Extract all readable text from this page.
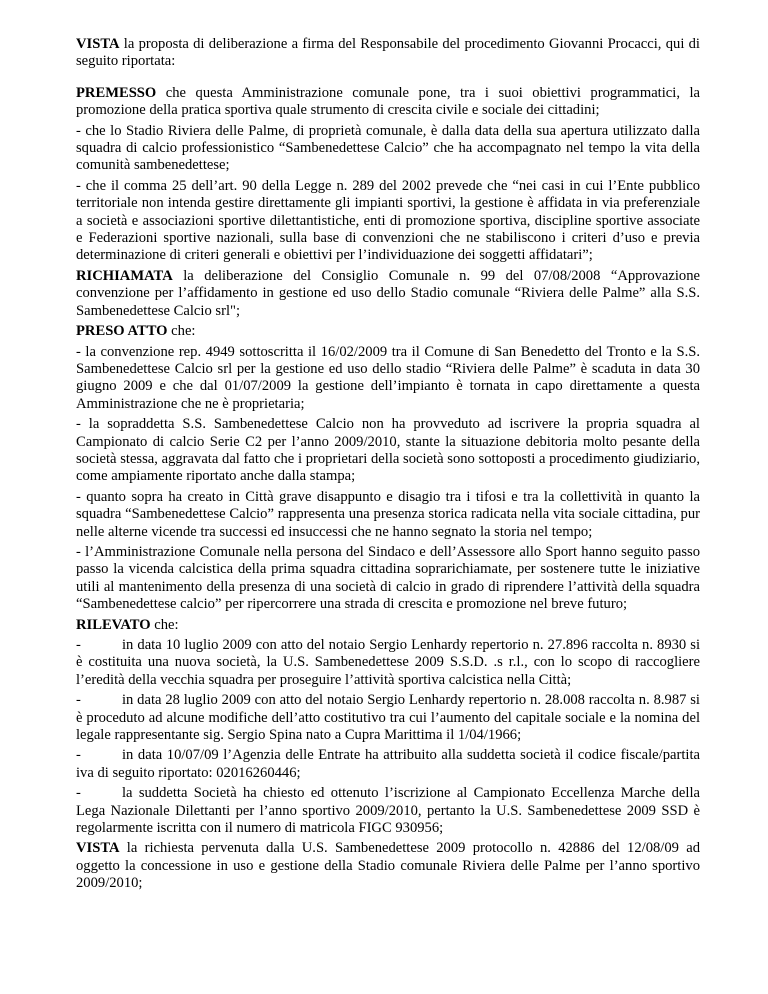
VISTA la proposta di deliberazione a firma del Responsabile del procedimento Giovanni Procacci, qui di seguito riportata:

PREMESSO che questa Amministrazione comunale pone, tra i suoi obiettivi programmatici, la promozione della pratica sportiva quale strumento di crescita civile e sociale dei cittadini;

- che lo Stadio Riviera delle Palme, di proprietà comunale, è dalla data della sua apertura utilizzato dalla squadra di calcio professionistico “Sambenedettese Calcio” che ha accompagnato nel tempo la vita della comunità sambenedettese;

- che il comma 25 dell’art. 90 della Legge n. 289 del 2002 prevede che “nei casi in cui l’Ente pubblico territoriale non intenda gestire direttamente gli impianti sportivi, la gestione è affidata in via preferenziale a società e associazioni sportive dilettantistiche, enti di promozione sportiva, discipline sportive associate e Federazioni sportive nazionali, sulla base di convenzioni che ne stabiliscono i criteri d’uso e previa determinazione di criteri generali e obiettivi per l’individuazione dei soggetti affidatari”;

RICHIAMATA la deliberazione del Consiglio Comunale n. 99 del 07/08/2008 “Approvazione convenzione per l’affidamento in gestione ed uso dello Stadio comunale “Riviera delle Palme” alla S.S. Sambenedettese Calcio srl";

PRESO ATTO che:

- la convenzione rep. 4949 sottoscritta il 16/02/2009 tra il Comune di San Benedetto del Tronto e la S.S. Sambenedettese Calcio srl per la gestione ed uso dello stadio “Riviera delle Palme” è scaduta in data 30 giugno 2009 e che dal 01/07/2009 la gestione dell’impianto è tornata in capo direttamente a questa Amministrazione che ne è proprietaria;

- la sopraddetta S.S. Sambenedettese Calcio non ha provveduto ad iscrivere la propria squadra al Campionato di calcio Serie C2 per l’anno 2009/2010, stante la situazione debitoria molto pesante della società stessa, aggravata dal fatto che i proprietari della società sono sottoposti a procedimento giudiziario, come ampiamente riportato anche dalla stampa;

- quanto sopra ha creato in Città grave disappunto e disagio tra i tifosi e tra la collettività in quanto la squadra “Sambenedettese Calcio” rappresenta una presenza storica radicata nella vita sociale cittadina, pur nelle alterne vicende tra successi ed insuccessi che ne hanno segnato la storia nel tempo;

- l’Amministrazione Comunale nella persona del Sindaco e dell’Assessore allo Sport hanno seguito passo passo la vicenda calcistica della prima squadra cittadina soprarichiamate, per sostenere tutte le iniziative utili al mantenimento della presenza di una società di calcio in grado di riprendere l’attività della squadra “Sambenedettese calcio” per ripercorrere una strada di crescita e promozione nel breve futuro;

RILEVATO che:

-	in data 10 luglio 2009 con atto del notaio Sergio Lenhardy repertorio n. 27.896 raccolta n. 8930 si è costituita una nuova società, la U.S. Sambenedettese 2009 S.S.D. .s r.l., con lo scopo di raccogliere l’eredità della vecchia squadra per proseguire l’attività sportiva calcistica nella Città;

-	in data 28 luglio 2009 con atto del notaio Sergio Lenhardy repertorio n. 28.008 raccolta n. 8.987 si è proceduto ad alcune modifiche dell’atto costitutivo tra cui l’aumento del capitale sociale e la nomina del legale rappresentante sig. Sergio Spina nato a Cupra Marittima il 1/04/1966;

-	in data 10/07/09 l’Agenzia delle Entrate ha attribuito alla suddetta società il codice fiscale/partita iva di seguito riportato: 02016260446;

-	la suddetta Società ha chiesto ed ottenuto l’iscrizione al Campionato Eccellenza Marche della Lega Nazionale Dilettanti per l’anno sportivo 2009/2010, pertanto la U.S. Sambenedettese 2009 SSD è regolarmente iscritta con il numero di matricola FIGC 930956;

VISTA la richiesta pervenuta dalla U.S. Sambenedettese 2009 protocollo n. 42886 del 12/08/09 ad oggetto la concessione in uso e gestione della Stadio comunale Riviera delle Palme per l’anno sportivo 2009/2010;
